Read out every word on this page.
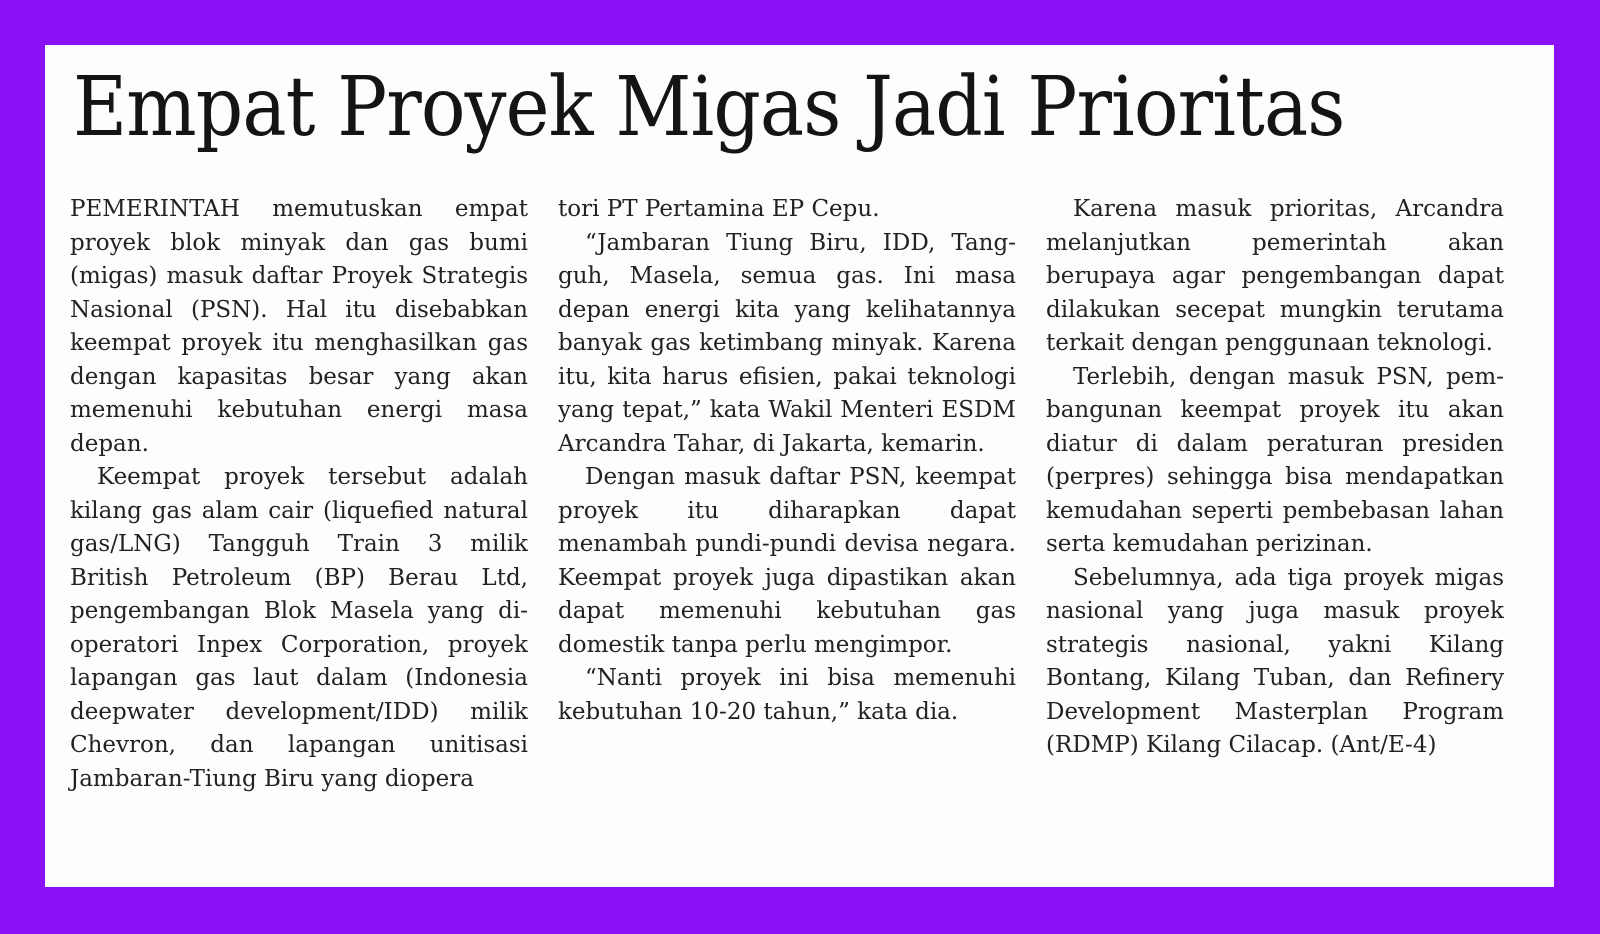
Empat Proyek Migas Jadi Prioritas

PEMERINTAH memutuskan empat proyek blok minyak dan gas bumi (migas) masuk daftar Proyek Strategis Nasional (PSN). Hal itu disebabkan keempat proyek itu menghasilkan gas dengan kapasitas besar yang akan memenuhi kebutuhan energi masa depan.

Keempat proyek tersebut adalah kilang gas alam cair (liquefied natural gas/LNG) Tangguh Train 3 milik British Petroleum (BP) Berau Ltd, pengembangan Blok Masela yang dioperatori Inpex Corporation, proyek lapangan gas laut dalam (Indonesia deepwater development/IDD) milik Chevron, dan lapangan unitisasi Jambaran-Tiung Biru yang diopera

tori PT Pertamina EP Cepu.

“Jambaran Tiung Biru, IDD, Tangguh, Masela, semua gas. Ini masa depan energi kita yang kelihatannya banyak gas ketimbang minyak. Karena itu, kita harus efisien, pakai teknologi yang tepat,” kata Wakil Menteri ESDM Arcandra Tahar, di Jakarta, kemarin.

Dengan masuk daftar PSN, keempat proyek itu diharapkan dapat menambah pundi-pundi devisa negara. Keempat proyek juga dipastikan akan dapat memenuhi kebutuhan gas domestik tanpa perlu mengimpor.

“Nanti proyek ini bisa memenuhi kebutuhan 10-20 tahun,” kata dia.

Karena masuk prioritas, Arcandra melanjutkan pemerintah akan berupaya agar pengembangan dapat dilakukan secepat mungkin terutama terkait dengan penggunaan teknologi.

Terlebih, dengan masuk PSN, pembangunan keempat proyek itu akan diatur di dalam peraturan presiden (perpres) sehingga bisa mendapatkan kemudahan seperti pembebasan lahan serta kemudahan perizinan.

Sebelumnya, ada tiga proyek migas nasional yang juga masuk proyek strategis nasional, yakni Kilang Bontang, Kilang Tuban, dan Refinery Development Masterplan Program (RDMP) Kilang Cilacap. (Ant/E-4)
